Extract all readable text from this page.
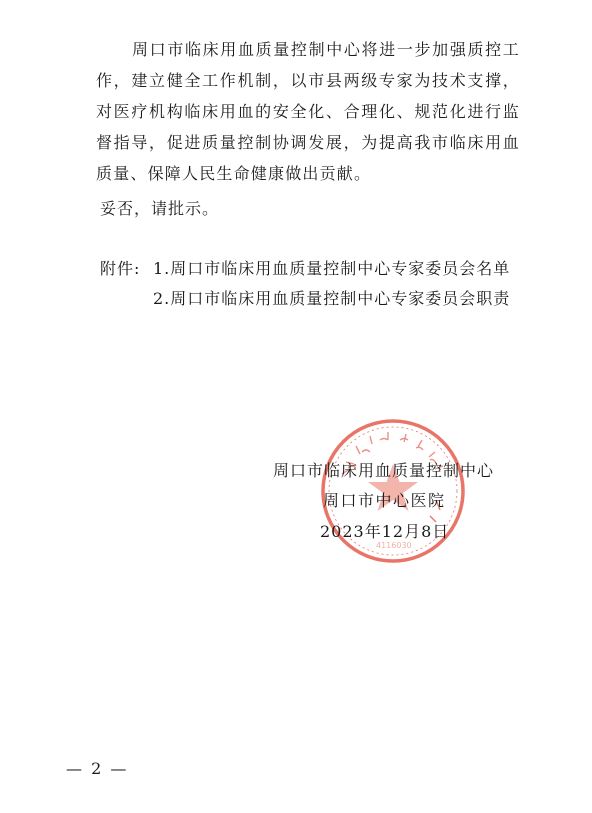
周口市临床用血质量控制中心将进一步加强质控工作，建立健全工作机制，以市县两级专家为技术支撑，对医疗机构临床用血的安全化、合理化、规范化进行监督指导，促进质量控制协调发展，为提高我市临床用血质量、保障人民生命健康做出贡献。
妥否，请批示。
附件: 1.周口市临床用血质量控制中心专家委员会名单
2.周口市临床用血质量控制中心专家委员会职责
4116030
周口市临床用血质量控制中心
周口市中心医院
2023年12月8日
— 2 —
